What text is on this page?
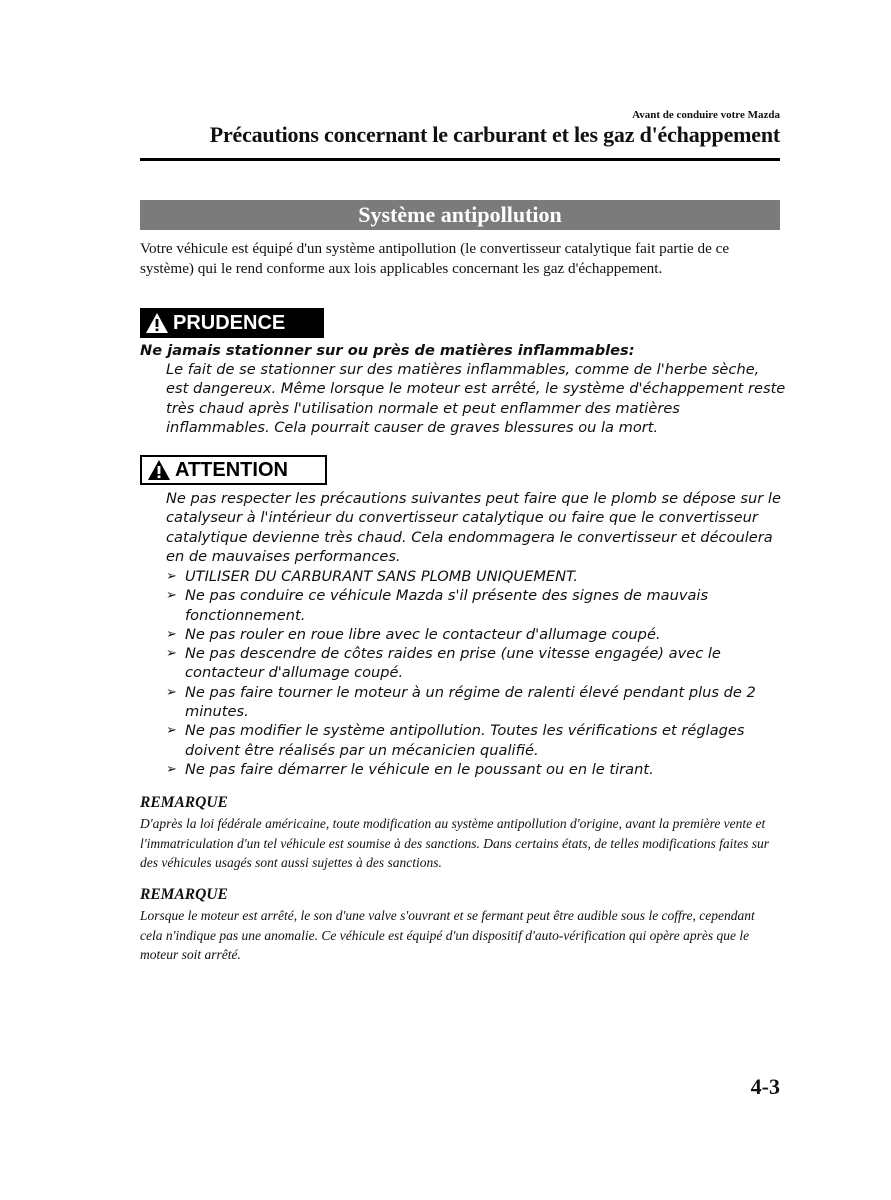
Avant de conduire votre Mazda
Précautions concernant le carburant et les gaz d'échappement
Système antipollution
Votre véhicule est équipé d'un système antipollution (le convertisseur catalytique fait partie de ce système) qui le rend conforme aux lois applicables concernant les gaz d'échappement.
PRUDENCE
Ne jamais stationner sur ou près de matières inflammables:
Le fait de se stationner sur des matières inflammables, comme de l'herbe sèche, est dangereux. Même lorsque le moteur est arrêté, le système d'échappement reste très chaud après l'utilisation normale et peut enflammer des matières inflammables. Cela pourrait causer de graves blessures ou la mort.
ATTENTION
Ne pas respecter les précautions suivantes peut faire que le plomb se dépose sur le catalyseur à l'intérieur du convertisseur catalytique ou faire que le convertisseur catalytique devienne très chaud. Cela endommagera le convertisseur et découlera en de mauvaises performances.
➢ UTILISER DU CARBURANT SANS PLOMB UNIQUEMENT.
➢ Ne pas conduire ce véhicule Mazda s'il présente des signes de mauvais fonctionnement.
➢ Ne pas rouler en roue libre avec le contacteur d'allumage coupé.
➢ Ne pas descendre de côtes raides en prise (une vitesse engagée) avec le contacteur d'allumage coupé.
➢ Ne pas faire tourner le moteur à un régime de ralenti élevé pendant plus de 2 minutes.
➢ Ne pas modifier le système antipollution. Toutes les vérifications et réglages doivent être réalisés par un mécanicien qualifié.
➢ Ne pas faire démarrer le véhicule en le poussant ou en le tirant.
REMARQUE
D'après la loi fédérale américaine, toute modification au système antipollution d'origine, avant la première vente et l'immatriculation d'un tel véhicule est soumise à des sanctions. Dans certains états, de telles modifications faites sur des véhicules usagés sont aussi sujettes à des sanctions.
REMARQUE
Lorsque le moteur est arrêté, le son d'une valve s'ouvrant et se fermant peut être audible sous le coffre, cependant cela n'indique pas une anomalie. Ce véhicule est équipé d'un dispositif d'auto-vérification qui opère après que le moteur soit arrêté.
4-3
